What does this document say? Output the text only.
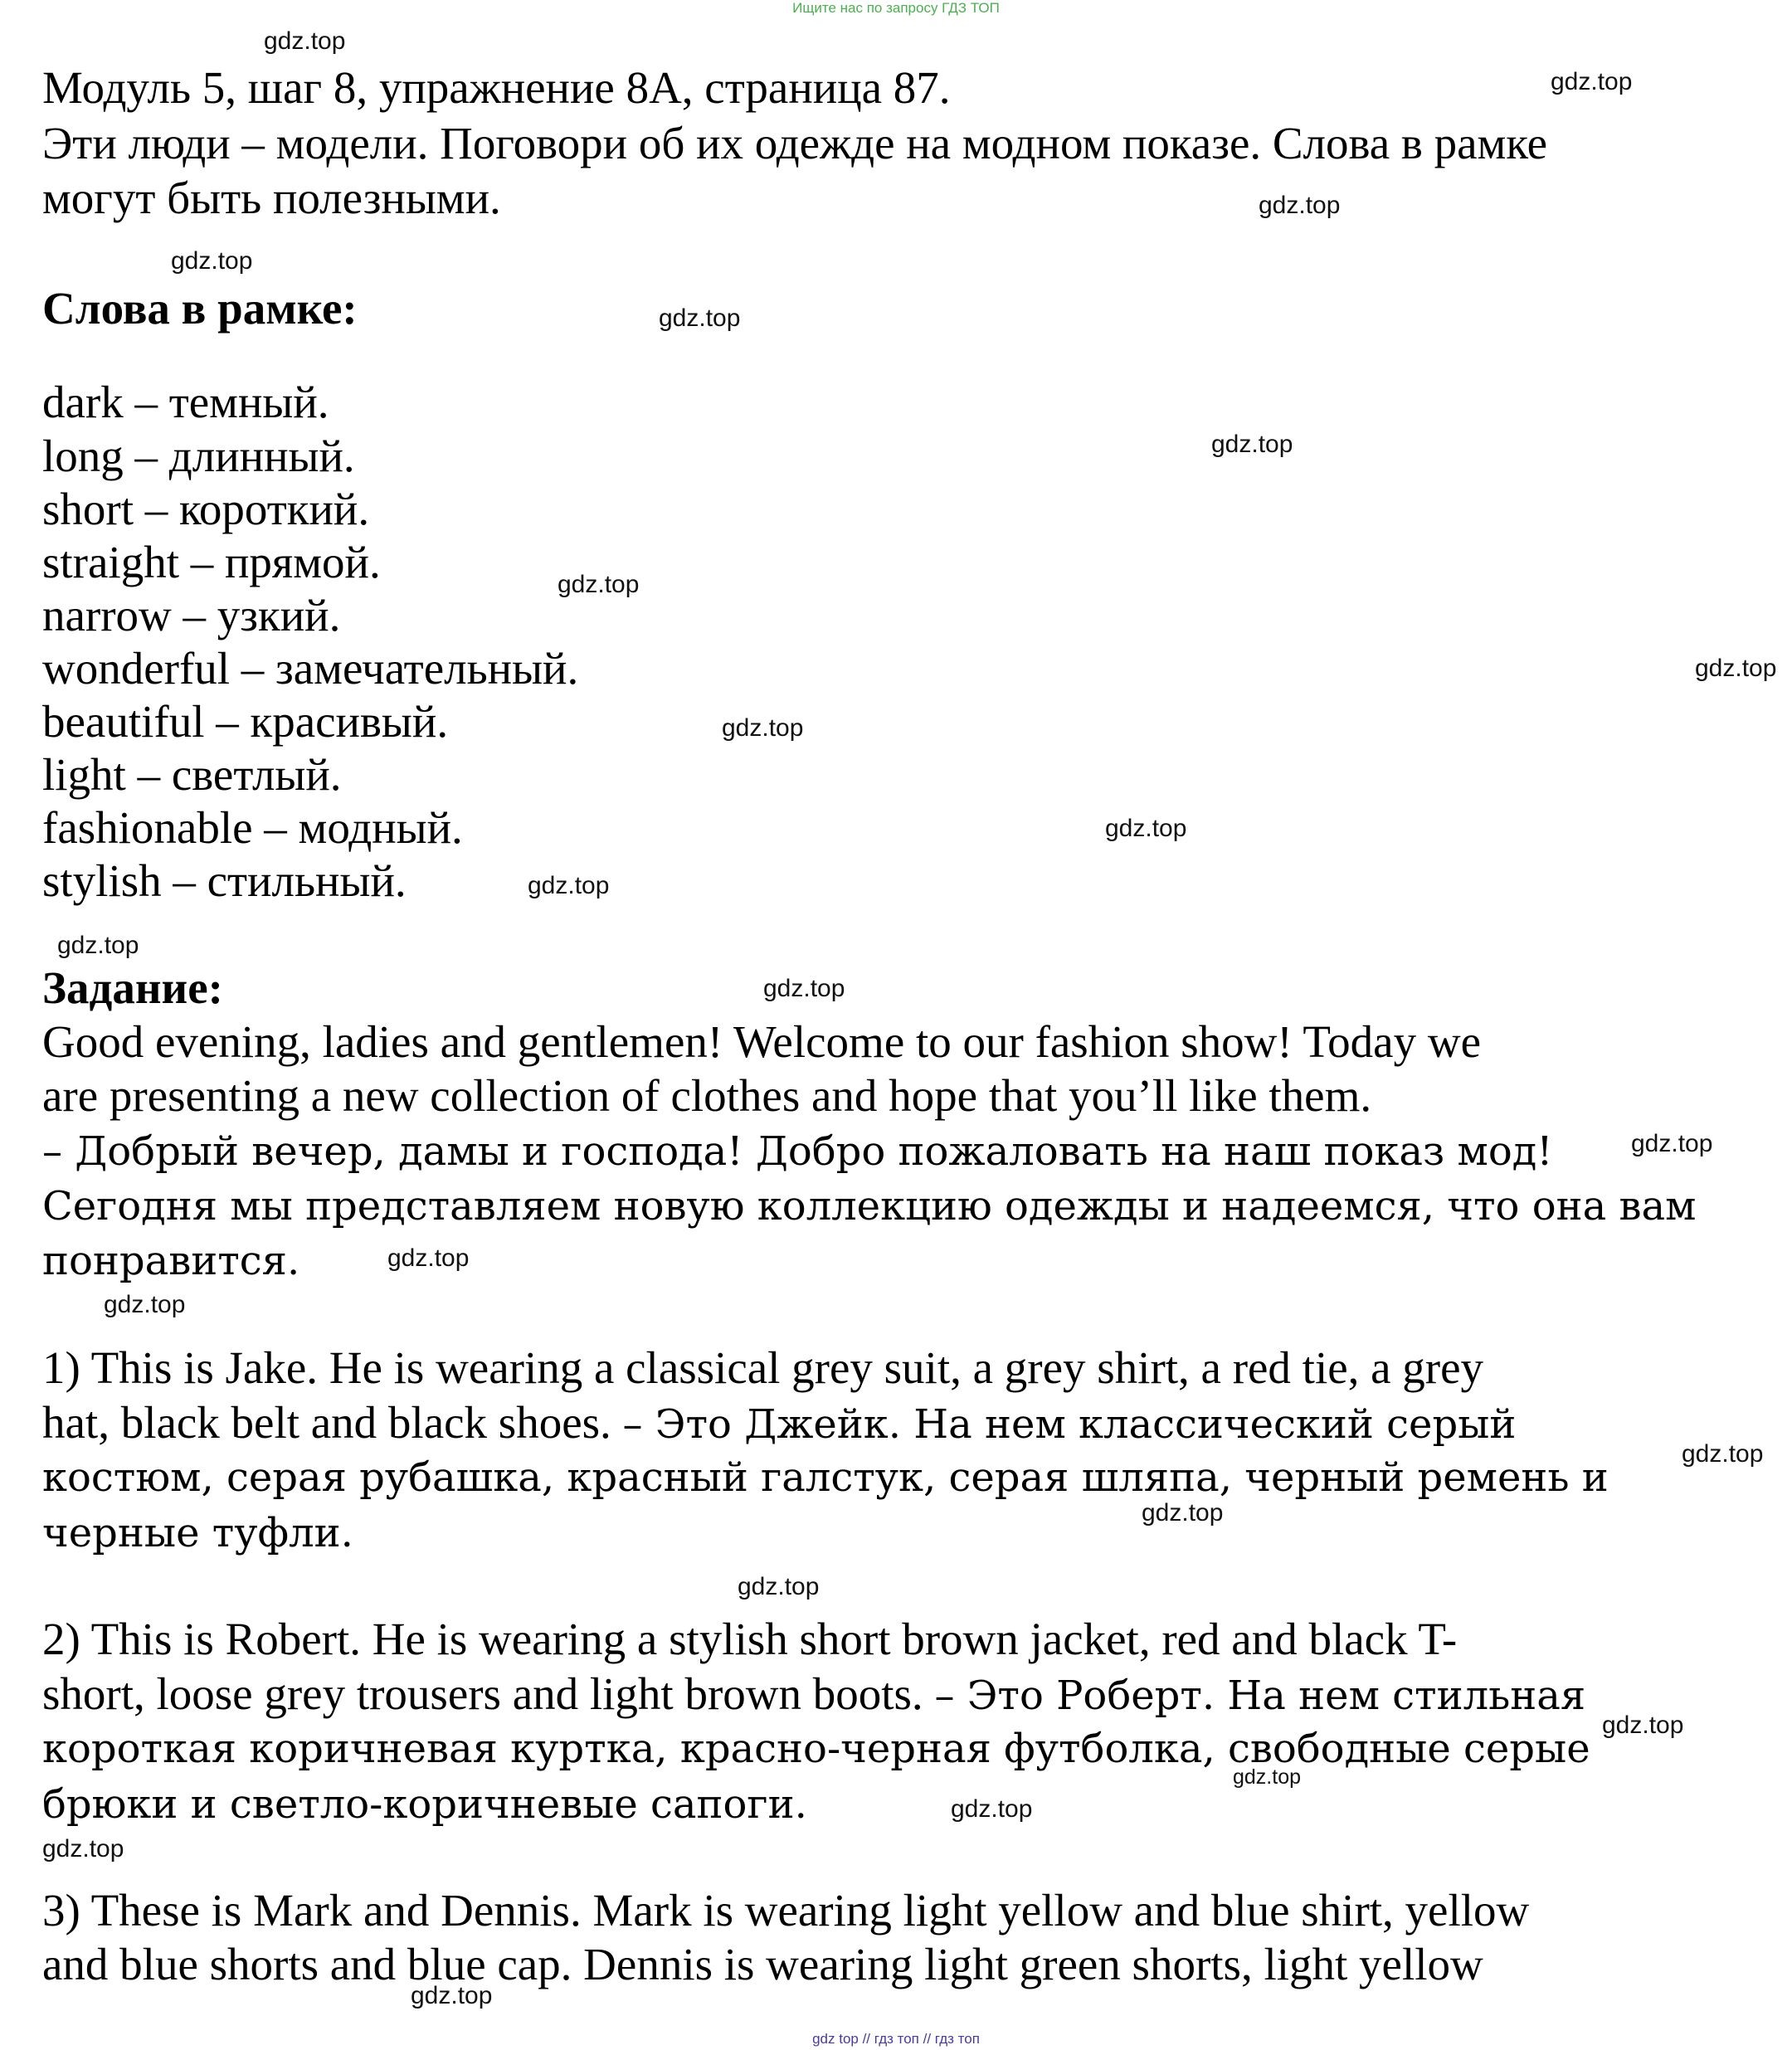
Ищите нас по запросу ГДЗ ТОП
Модуль 5, шаг 8, упражнение 8А, страница 87.
Эти люди – модели. Поговори об их одежде на модном показе. Слова в рамке
могут быть полезными.
Слова в рамке:
dark – темный.
long – длинный.
short – короткий.
straight – прямой.
narrow – узкий.
wonderful – замечательный.
beautiful – красивый.
light – светлый.
fashionable – модный.
stylish – стильный.
Задание:
Good evening, ladies and gentlemen! Welcome to our fashion show! Today we
are presenting a new collection of clothes and hope that you’ll like them.
– Добрый вечер, дамы и господа! Добро пожаловать на наш показ мод!
Сегодня мы представляем новую коллекцию одежды и надеемся, что она вам
понравится.
1) This is Jake. He is wearing a classical grey suit, a grey shirt, a red tie, a grey
hat, black belt and black shoes. – Это Джейк. На нем классический серый
костюм, серая рубашка, красный галстук, серая шляпа, черный ремень и
черные туфли.
2) This is Robert. He is wearing a stylish short brown jacket, red and black T-
short, loose grey trousers and light brown boots. – Это Роберт. На нем стильная
короткая коричневая куртка, красно-черная футболка, свободные серые
брюки и светло-коричневые сапоги.
3) These is Mark and Dennis. Mark is wearing light yellow and blue shirt, yellow
and blue shorts and blue cap. Dennis is wearing light green shorts, light yellow
gdz.top
gdz.top
gdz.top
gdz.top
gdz.top
gdz.top
gdz.top
gdz.top
gdz.top
gdz.top
gdz.top
gdz.top
gdz.top
gdz.top
gdz.top
gdz.top
gdz.top
gdz.top
gdz.top
gdz.top
gdz.top
gdz.top
gdz.top
gdz.top
gdz top // гдз топ // гдз топ
